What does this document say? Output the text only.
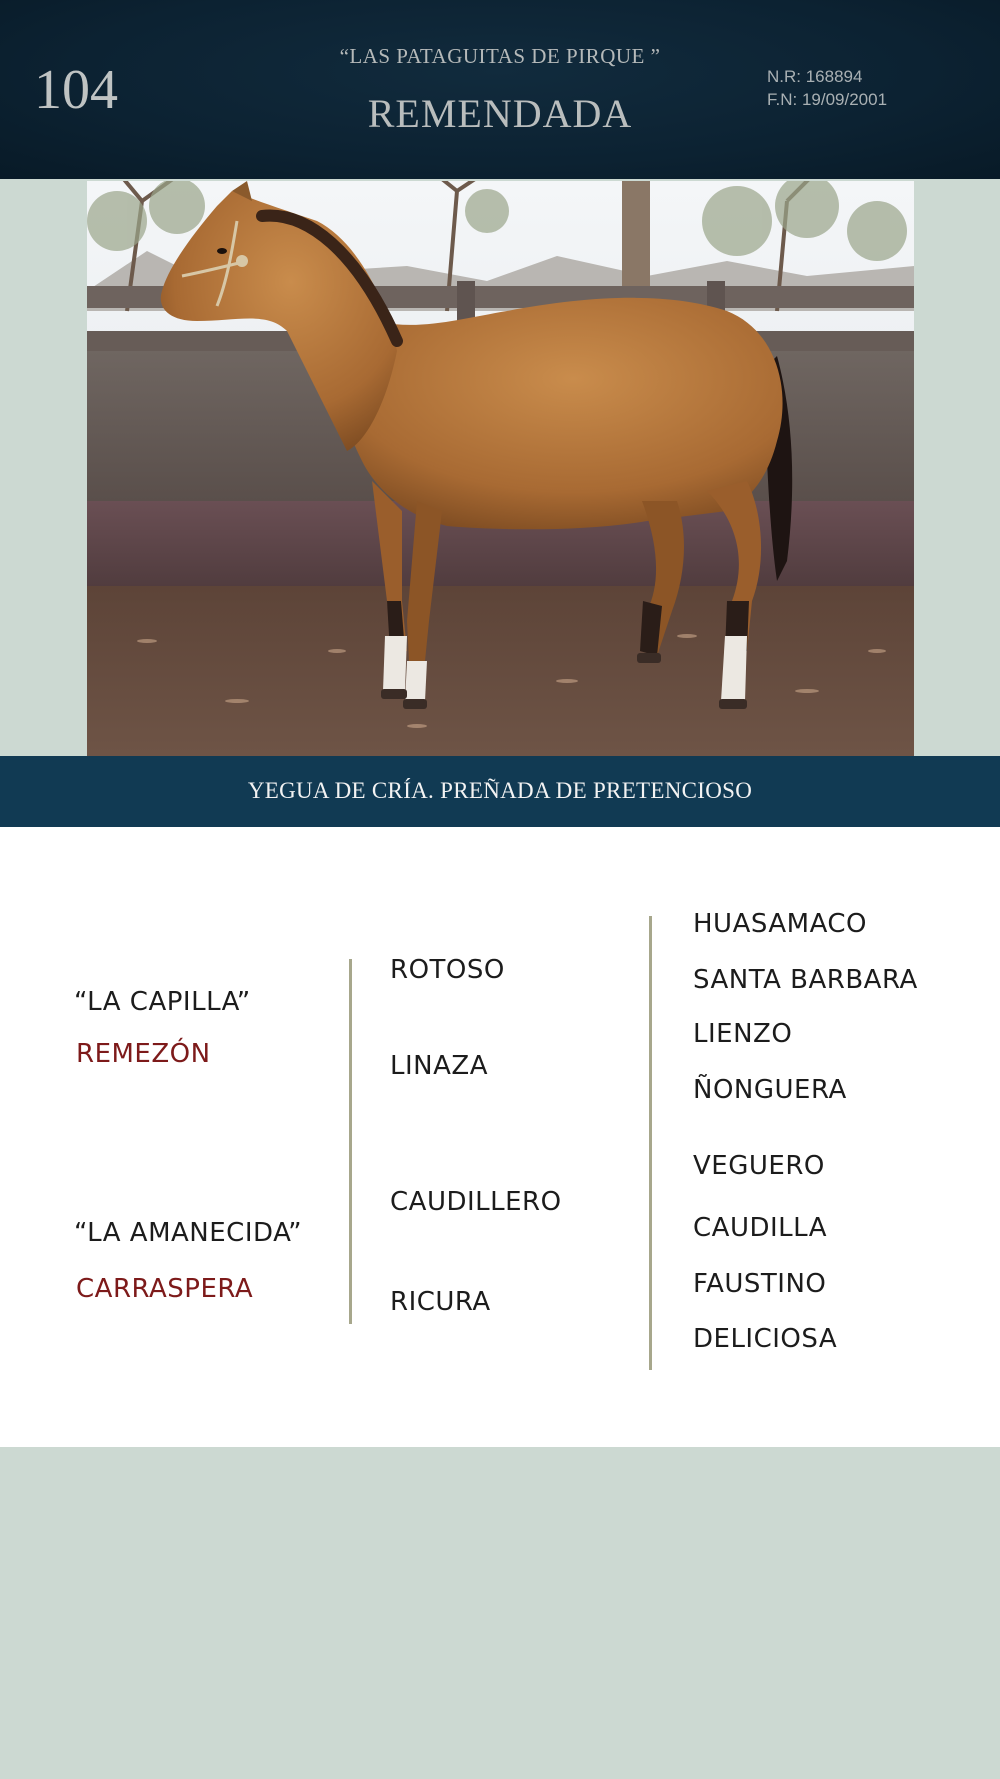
104
“LAS PATAGUITAS DE PIRQUE ”
REMENDADA
N.R: 168894
F.N: 19/09/2001
YEGUA DE CRÍA. PREÑADA DE PRETENCIOSO
“LA CAPILLA”
REMEZÓN
“LA AMANECIDA”
CARRASPERA
ROTOSO
LINAZA
CAUDILLERO
RICURA
HUASAMACO
SANTA BARBARA
LIENZO
ÑONGUERA
VEGUERO
CAUDILLA
FAUSTINO
DELICIOSA
